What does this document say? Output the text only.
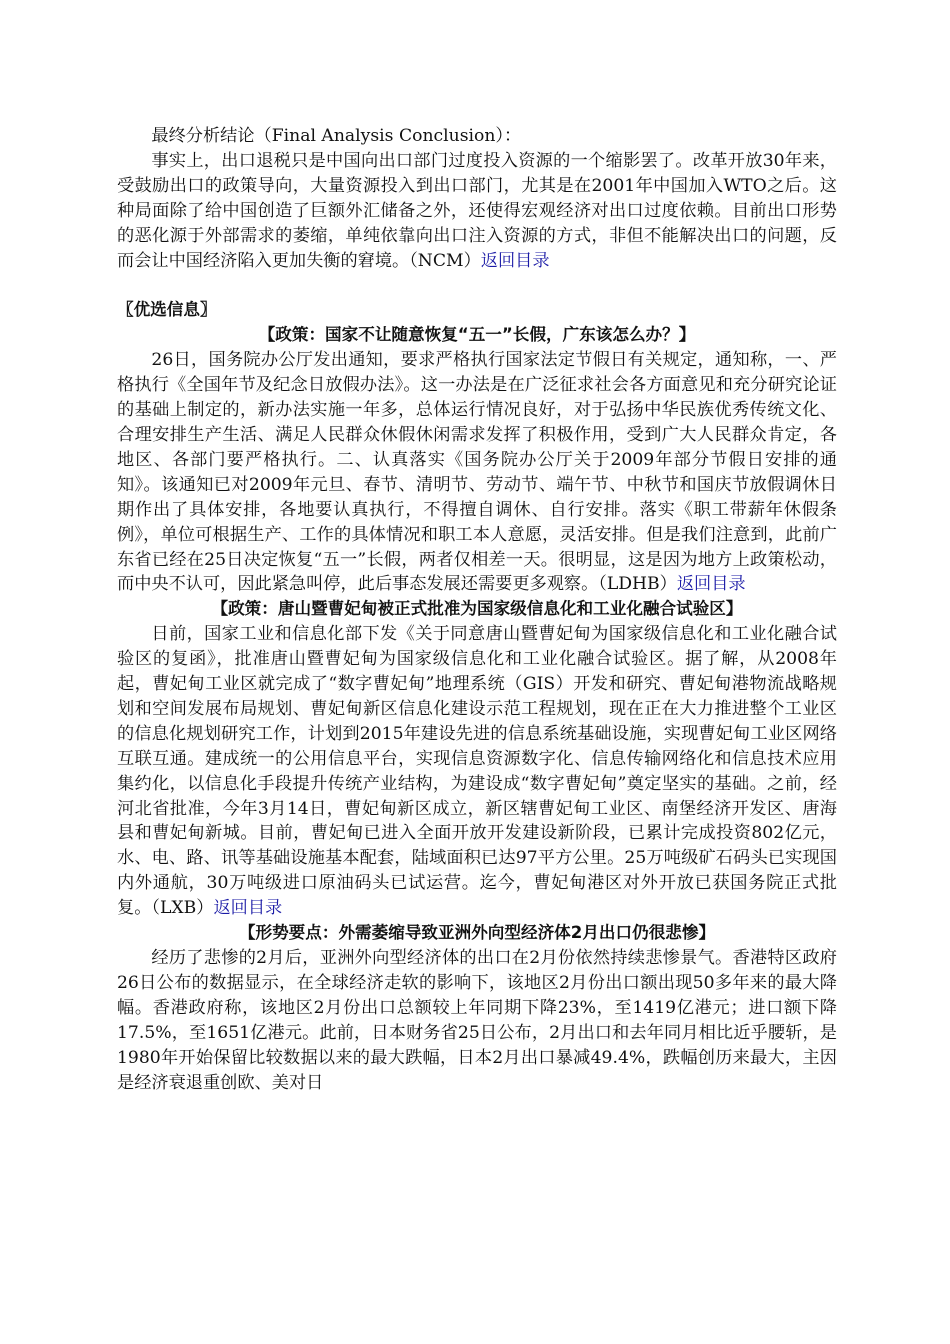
最终分析结论（Final Analysis Conclusion）：

事实上，出口退税只是中国向出口部门过度投入资源的一个缩影罢了。改革开放30年来，受鼓励出口的政策导向，大量资源投入到出口部门，尤其是在2001年中国加入WTO之后。这种局面除了给中国创造了巨额外汇储备之外，还使得宏观经济对出口过度依赖。目前出口形势的恶化源于外部需求的萎缩，单纯依靠向出口注入资源的方式，非但不能解决出口的问题，反而会让中国经济陷入更加失衡的窘境。（NCM）返回目录

〖优选信息〗

【政策：国家不让随意恢复“五一”长假，广东该怎么办？】

26日，国务院办公厅发出通知，要求严格执行国家法定节假日有关规定，通知称，一、严格执行《全国年节及纪念日放假办法》。这一办法是在广泛征求社会各方面意见和充分研究论证的基础上制定的，新办法实施一年多，总体运行情况良好，对于弘扬中华民族优秀传统文化、合理安排生产生活、满足人民群众休假休闲需求发挥了积极作用，受到广大人民群众肯定，各地区、各部门要严格执行。二、认真落实《国务院办公厅关于2009年部分节假日安排的通知》。该通知已对2009年元旦、春节、清明节、劳动节、端午节、中秋节和国庆节放假调休日期作出了具体安排，各地要认真执行，不得擅自调休、自行安排。落实《职工带薪年休假条例》，单位可根据生产、工作的具体情况和职工本人意愿，灵活安排。但是我们注意到，此前广东省已经在25日决定恢复“五一”长假，两者仅相差一天。很明显，这是因为地方上政策松动，而中央不认可，因此紧急叫停，此后事态发展还需要更多观察。（LDHB）返回目录

【政策：唐山暨曹妃甸被正式批准为国家级信息化和工业化融合试验区】

日前，国家工业和信息化部下发《关于同意唐山暨曹妃甸为国家级信息化和工业化融合试验区的复函》，批准唐山暨曹妃甸为国家级信息化和工业化融合试验区。据了解，从2008年起，曹妃甸工业区就完成了“数字曹妃甸”地理系统（GIS）开发和研究、曹妃甸港物流战略规划和空间发展布局规划、曹妃甸新区信息化建设示范工程规划，现在正在大力推进整个工业区的信息化规划研究工作，计划到2015年建设先进的信息系统基础设施，实现曹妃甸工业区网络互联互通。建成统一的公用信息平台，实现信息资源数字化、信息传输网络化和信息技术应用集约化，以信息化手段提升传统产业结构，为建设成“数字曹妃甸”奠定坚实的基础。之前，经河北省批准，今年3月14日，曹妃甸新区成立，新区辖曹妃甸工业区、南堡经济开发区、唐海县和曹妃甸新城。目前，曹妃甸已进入全面开放开发建设新阶段，已累计完成投资802亿元，水、电、路、讯等基础设施基本配套，陆域面积已达97平方公里。25万吨级矿石码头已实现国内外通航，30万吨级进口原油码头已试运营。迄今，曹妃甸港区对外开放已获国务院正式批复。（LXB）返回目录

【形势要点：外需萎缩导致亚洲外向型经济体2月出口仍很悲惨】

经历了悲惨的2月后，亚洲外向型经济体的出口在2月份依然持续悲惨景气。香港特区政府26日公布的数据显示，在全球经济走软的影响下，该地区2月份出口额出现50多年来的最大降幅。香港政府称，该地区2月份出口总额较上年同期下降23%，至1419亿港元；进口额下降17.5%，至1651亿港元。此前，日本财务省25日公布，2月出口和去年同月相比近乎腰斩，是1980年开始保留比较数据以来的最大跌幅，日本2月出口暴减49.4%，跌幅创历来最大，主因是经济衰退重创欧、美对日
